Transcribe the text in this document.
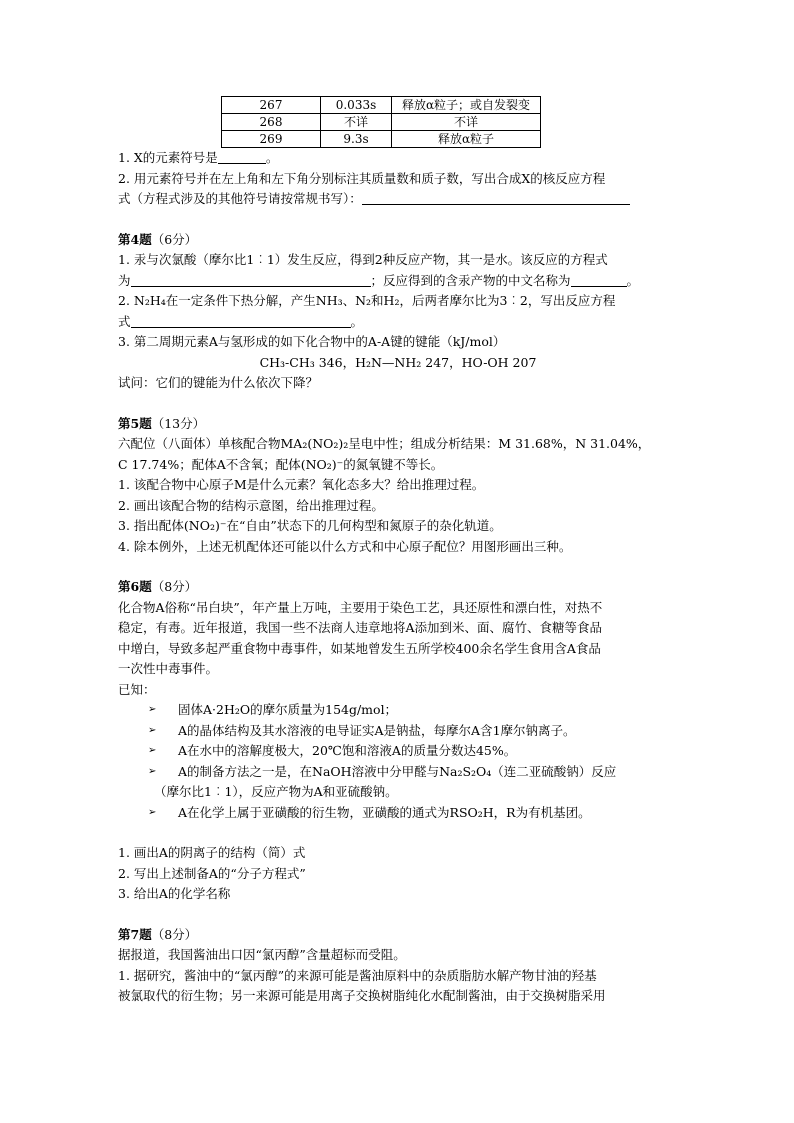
267	0.033s	释放α粒子；或自发裂变
268	不详	不详
269	9.3s	释放α粒子
1. X的元素符号是	。
2. 用元素符号并在左上角和左下角分别标注其质量数和质子数，写出合成X的核反应方程
式（方程式涉及的其他符号请按常规书写）：
第4题（6分）
1. 汞与次氯酸（摩尔比1︰1）发生反应，得到2种反应产物，其一是水。该反应的方程式
为	；反应得到的含汞产物的中文名称为	。
2. N₂H₄在一定条件下热分解，产生NH₃、N₂和H₂，后两者摩尔比为3︰2，写出反应方程
式	。
3. 第二周期元素A与氢形成的如下化合物中的A-A键的键能（kJ/mol）
CH₃-CH₃ 346，H₂N—NH₂ 247，HO-OH 207
试问：它们的键能为什么依次下降？
第5题（13分）
六配位（八面体）单核配合物MA₂(NO₂)₂呈电中性；组成分析结果：M 31.68%，N 31.04%，
C 17.74%；配体A不含氧；配体(NO₂)⁻的氮氧键不等长。
1. 该配合物中心原子M是什么元素？氧化态多大？给出推理过程。
2. 画出该配合物的结构示意图，给出推理过程。
3. 指出配体(NO₂)⁻在“自由”状态下的几何构型和氮原子的杂化轨道。
4. 除本例外，上述无机配体还可能以什么方式和中心原子配位？用图形画出三种。
第6题（8分）
化合物A俗称“吊白块”，年产量上万吨，主要用于染色工艺，具还原性和漂白性，对热不
稳定，有毒。近年报道，我国一些不法商人违章地将A添加到米、面、腐竹、食糖等食品
中增白，导致多起严重食物中毒事件，如某地曾发生五所学校400余名学生食用含A食品
一次性中毒事件。
已知：
➢	固体A·2H₂O的摩尔质量为154g/mol；
➢	A的晶体结构及其水溶液的电导证实A是钠盐，每摩尔A含1摩尔钠离子。
➢	A在水中的溶解度极大，20℃饱和溶液A的质量分数达45%。
➢	A的制备方法之一是，在NaOH溶液中分甲醛与Na₂S₂O₄（连二亚硫酸钠）反应
（摩尔比1︰1），反应产物为A和亚硫酸钠。
➢	A在化学上属于亚磺酸的衍生物，亚磺酸的通式为RSO₂H，R为有机基团。
1. 画出A的阴离子的结构（简）式
2. 写出上述制备A的“分子方程式”
3. 给出A的化学名称
第7题（8分）
据报道，我国酱油出口因“氯丙醇”含量超标而受阻。
1. 据研究，酱油中的“氯丙醇”的来源可能是酱油原料中的杂质脂肪水解产物甘油的羟基
被氯取代的衍生物；另一来源可能是用离子交换树脂纯化水配制酱油，由于交换树脂采用
